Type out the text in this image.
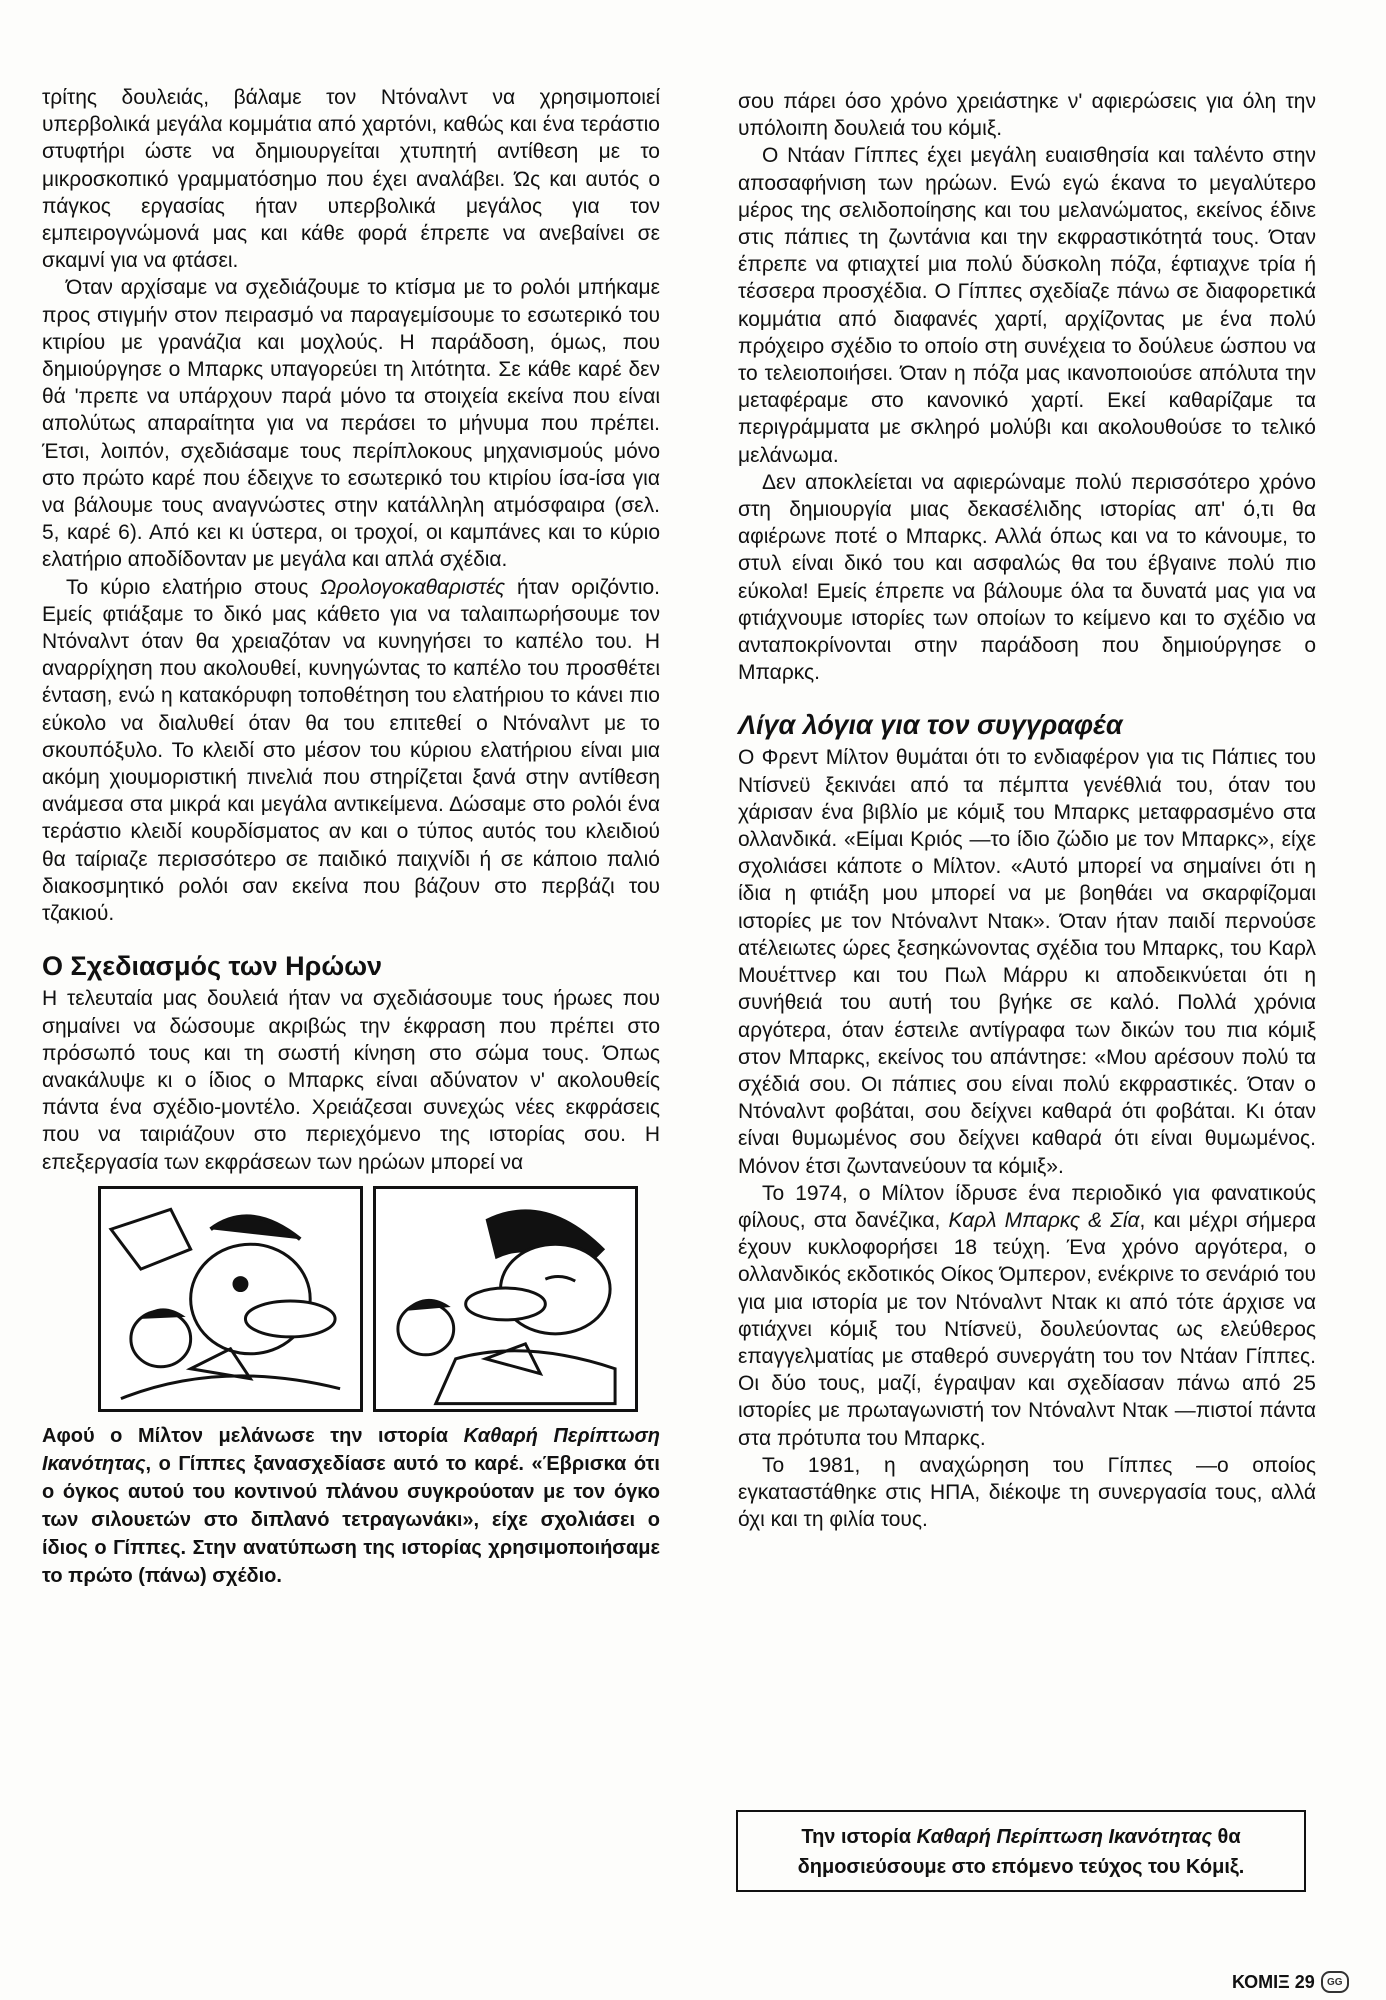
τρίτης δουλειάς, βάλαμε τον Ντόναλντ να χρησιμοποιεί υπερβολικά μεγάλα κομμάτια από χαρτόνι, καθώς και ένα τεράστιο στυφτήρι ώστε να δημιουργείται χτυπητή αντίθεση με το μικροσκοπικό γραμματόσημο που έχει αναλάβει. Ώς και αυτός ο πάγκος εργασίας ήταν υπερβολικά μεγάλος για τον εμπειρογνώμονά μας και κάθε φορά έπρεπε να ανεβαίνει σε σκαμνί για να φτάσει.

Όταν αρχίσαμε να σχεδιάζουμε το κτίσμα με το ρολόι μπήκαμε προς στιγμήν στον πειρασμό να παραγεμίσουμε το εσωτερικό του κτιρίου με γρανάζια και μοχλούς. Η παράδοση, όμως, που δημιούργησε ο Μπαρκς υπαγορεύει τη λιτότητα. Σε κάθε καρέ δεν θά 'πρεπε να υπάρχουν παρά μόνο τα στοιχεία εκείνα που είναι απολύτως απαραίτητα για να περάσει το μήνυμα που πρέπει. Έτσι, λοιπόν, σχεδιάσαμε τους περίπλοκους μηχανισμούς μόνο στο πρώτο καρέ που έδειχνε το εσωτερικό του κτιρίου ίσα-ίσα για να βάλουμε τους αναγνώστες στην κατάλληλη ατμόσφαιρα (σελ. 5, καρέ 6). Από κει κι ύστερα, οι τροχοί, οι καμπάνες και το κύριο ελατήριο αποδίδονταν με μεγάλα και απλά σχέδια.

Το κύριο ελατήριο στους Ωρολογοκαθαριστές ήταν οριζόντιο. Εμείς φτιάξαμε το δικό μας κάθετο για να ταλαιπωρήσουμε τον Ντόναλντ όταν θα χρειαζόταν να κυνηγήσει το καπέλο του. Η αναρρίχηση που ακολουθεί, κυνηγώντας το καπέλο του προσθέτει ένταση, ενώ η κατακόρυφη τοποθέτηση του ελατήριου το κάνει πιο εύκολο να διαλυθεί όταν θα του επιτεθεί ο Ντόναλντ με το σκουπόξυλο. Το κλειδί στο μέσον του κύριου ελατήριου είναι μια ακόμη χιουμοριστική πινελιά που στηρίζεται ξανά στην αντίθεση ανάμεσα στα μικρά και μεγάλα αντικείμενα. Δώσαμε στο ρολόι ένα τεράστιο κλειδί κουρδίσματος αν και ο τύπος αυτός του κλειδιού θα ταίριαζε περισσότερο σε παιδικό παιχνίδι ή σε κάποιο παλιό διακοσμητικό ρολόι σαν εκείνα που βάζουν στο περβάζι του τζακιού.

Ο Σχεδιασμός των Ηρώων

Η τελευταία μας δουλειά ήταν να σχεδιάσουμε τους ήρωες που σημαίνει να δώσουμε ακριβώς την έκφραση που πρέπει στο πρόσωπό τους και τη σωστή κίνηση στο σώμα τους. Όπως ανακάλυψε κι ο ίδιος ο Μπαρκς είναι αδύνατον ν' ακολουθείς πάντα ένα σχέδιο-μοντέλο. Χρειάζεσαι συνεχώς νέες εκφράσεις που να ταιριάζουν στο περιεχόμενο της ιστορίας σου. Η επεξεργασία των εκφράσεων των ηρώων μπορεί να

Αφού ο Μίλτον μελάνωσε την ιστορία Καθαρή Περίπτωση Ικανότητας, ο Γίππες ξανασχεδίασε αυτό το καρέ. «Έβρισκα ότι ο όγκος αυτού του κοντινού πλάνου συγκρούοταν με τον όγκο των σιλουετών στο διπλανό τετραγωνάκι», είχε σχολιάσει ο ίδιος ο Γίππες. Στην ανατύπωση της ιστορίας χρησιμοποιήσαμε το πρώτο (πάνω) σχέδιο.

σου πάρει όσο χρόνο χρειάστηκε ν' αφιερώσεις για όλη την υπόλοιπη δουλειά του κόμιξ.

Ο Ντάαν Γίππες έχει μεγάλη ευαισθησία και ταλέντο στην αποσαφήνιση των ηρώων. Ενώ εγώ έκανα το μεγαλύτερο μέρος της σελιδοποίησης και του μελανώματος, εκείνος έδινε στις πάπιες τη ζωντάνια και την εκφραστικότητά τους. Όταν έπρεπε να φτιαχτεί μια πολύ δύσκολη πόζα, έφτιαχνε τρία ή τέσσερα προσχέδια. Ο Γίππες σχεδίαζε πάνω σε διαφορετικά κομμάτια από διαφανές χαρτί, αρχίζοντας με ένα πολύ πρόχειρο σχέδιο το οποίο στη συνέχεια το δούλευε ώσπου να το τελειοποιήσει. Όταν η πόζα μας ικανοποιούσε απόλυτα την μεταφέραμε στο κανονικό χαρτί. Εκεί καθαρίζαμε τα περιγράμματα με σκληρό μολύβι και ακολουθούσε το τελικό μελάνωμα.

Δεν αποκλείεται να αφιερώναμε πολύ περισσότερο χρόνο στη δημιουργία μιας δεκασέλιδης ιστορίας απ' ό,τι θα αφιέρωνε ποτέ ο Μπαρκς. Αλλά όπως και να το κάνουμε, το στυλ είναι δικό του και ασφαλώς θα του έβγαινε πολύ πιο εύκολα! Εμείς έπρεπε να βάλουμε όλα τα δυνατά μας για να φτιάχνουμε ιστορίες των οποίων το κείμενο και το σχέδιο να ανταποκρίνονται στην παράδοση που δημιούργησε ο Μπαρκς.

Λίγα λόγια για τον συγγραφέα

Ο Φρεντ Μίλτον θυμάται ότι το ενδιαφέρον για τις Πάπιες του Ντίσνεϋ ξεκινάει από τα πέμπτα γενέθλιά του, όταν του χάρισαν ένα βιβλίο με κόμιξ του Μπαρκς μεταφρασμένο στα ολλανδικά. «Είμαι Κριός —το ίδιο ζώδιο με τον Μπαρκς», είχε σχολιάσει κάποτε ο Μίλτον. «Αυτό μπορεί να σημαίνει ότι η ίδια η φτιάξη μου μπορεί να με βοηθάει να σκαρφίζομαι ιστορίες με τον Ντόναλντ Ντακ». Όταν ήταν παιδί περνούσε ατέλειωτες ώρες ξεσηκώνοντας σχέδια του Μπαρκς, του Καρλ Μουέττνερ και του Πωλ Μάρρυ κι αποδεικνύεται ότι η συνήθειά του αυτή του βγήκε σε καλό. Πολλά χρόνια αργότερα, όταν έστειλε αντίγραφα των δικών του πια κόμιξ στον Μπαρκς, εκείνος του απάντησε: «Μου αρέσουν πολύ τα σχέδιά σου. Οι πάπιες σου είναι πολύ εκφραστικές. Όταν ο Ντόναλντ φοβάται, σου δείχνει καθαρά ότι φοβάται. Κι όταν είναι θυμωμένος σου δείχνει καθαρά ότι είναι θυμωμένος. Μόνον έτσι ζωντανεύουν τα κόμιξ».

Το 1974, ο Μίλτον ίδρυσε ένα περιοδικό για φανατικούς φίλους, στα δανέζικα, Καρλ Μπαρκς & Σία, και μέχρι σήμερα έχουν κυκλοφορήσει 18 τεύχη. Ένα χρόνο αργότερα, ο ολλανδικός εκδοτικός Οίκος Όμπερον, ενέκρινε το σενάριό του για μια ιστορία με τον Ντόναλντ Ντακ κι από τότε άρχισε να φτιάχνει κόμιξ του Ντίσνεϋ, δουλεύοντας ως ελεύθερος επαγγελματίας με σταθερό συνεργάτη του τον Ντάαν Γίππες. Οι δύο τους, μαζί, έγραψαν και σχεδίασαν πάνω από 25 ιστορίες με πρωταγωνιστή τον Ντόναλντ Ντακ —πιστοί πάντα στα πρότυπα του Μπαρκς.

Το 1981, η αναχώρηση του Γίππες —ο οποίος εγκαταστάθηκε στις ΗΠΑ, διέκοψε τη συνεργασία τους, αλλά όχι και τη φιλία τους.

Την ιστορία Καθαρή Περίπτωση Ικανότητας θα δημοσιεύσουμε στο επόμενο τεύχος του Κόμιξ.
ΚΟΜΙΞ 29	GG
